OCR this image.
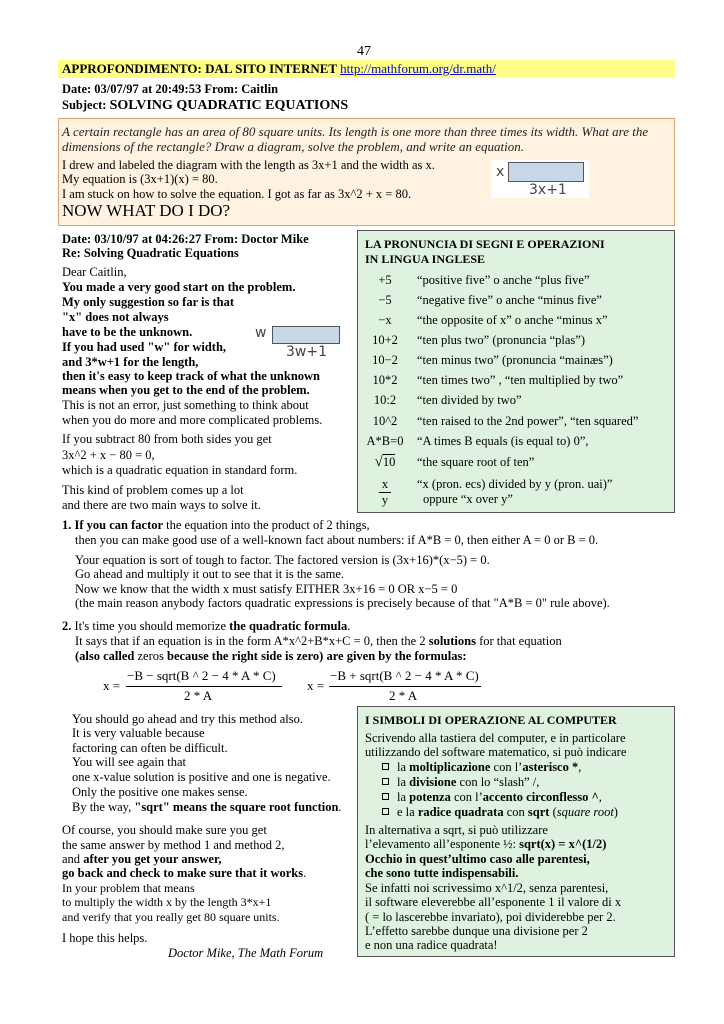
47
APPROFONDIMENTO: DAL SITO INTERNET http://mathforum.org/dr.math/
Date: 03/07/97 at 20:49:53 From: Caitlin
Subject: SOLVING QUADRATIC EQUATIONS
A certain rectangle has an area of 80 square units. Its length is one more than three times its width. What are the dimensions of the rectangle? Draw a diagram, solve the problem, and write an equation.
I drew and labeled the diagram with the length as 3x+1 and the width as x.
My equation is (3x+1)(x) = 80.
I am stuck on how to solve the equation. I got as far as 3x^2 + x = 80.
NOW WHAT DO I DO?
x
3x+1
Date: 03/10/97 at 04:26:27 From: Doctor Mike
Re: Solving Quadratic Equations
Dear Caitlin,
You made a very good start on the problem.
My only suggestion so far is that
"x" does not always
have to be the unknown.
If you had used "w" for width,
and 3*w+1 for the length,
then it's easy to keep track of what the unknown
means when you get to the end of the problem.
This is not an error, just something to think about
when you do more and more complicated problems.
If you subtract 80 from both sides you get
3x^2 + x − 80 = 0,
which is a quadratic equation in standard form.
This kind of problem comes up a lot
and there are two main ways to solve it.
w
3w+1
LA PRONUNCIA DI SEGNI E OPERAZIONI
IN LINGUA INGLESE
+5	“positive five” o anche “plus five”
−5	“negative five” o anche “minus five”
−x	“the opposite of x” o anche “minus x”
10+2	“ten plus two” (pronuncia “plas”)
10−2	“ten minus two” (pronuncia “mainæs”)
10*2	“ten times two” , “ten multiplied by two”
10:2	“ten divided by two”
10^2	“ten raised to the 2nd power”, “ten squared”
A*B=0	“A times B equals (is equal to) 0”,
√10	“the square root of ten”
x
y
“x (pron. ecs) divided by y (pron. uai)”
oppure “x over y”
1. If you can factor the equation into the product of 2 things,
then you can make good use of a well-known fact about numbers: if A*B = 0, then either A = 0 or B = 0.
Your equation is sort of tough to factor. The factored version is (3x+16)*(x−5) = 0.
Go ahead and multiply it out to see that it is the same.
Now we know that the width x must satisfy EITHER 3x+16 = 0 OR x−5 = 0
(the main reason anybody factors quadratic expressions is precisely because of that "A*B = 0" rule above).
2. It's time you should memorize the quadratic formula.
It says that if an equation is in the form A*x^2+B*x+C = 0, then the 2 solutions for that equation
(also called zeros because the right side is zero) are given by the formulas:
x =
−B − sqrt(B ^ 2 − 4 * A * C)
2 * A
x =
−B + sqrt(B ^ 2 − 4 * A * C)
2 * A
You should go ahead and try this method also.
It is very valuable because
factoring can often be difficult.
You will see again that
one x-value solution is positive and one is negative.
Only the positive one makes sense.
By the way, "sqrt" means the square root function.
Of course, you should make sure you get
the same answer by method 1 and method 2,
and after you get your answer,
go back and check to make sure that it works.
In your problem that means
to multiply the width x by the length 3*x+1
and verify that you really get 80 square units.
I hope this helps.
Doctor Mike, The Math Forum
I SIMBOLI DI OPERAZIONE AL COMPUTER
Scrivendo alla tastiera del computer, e in particolare
utilizzando del software matematico, si può indicare
la moltiplicazione con l’asterisco *,
la divisione con lo “slash” /,
la potenza con l’accento circonflesso ^,
e la radice quadrata con sqrt (square root)
In alternativa a sqrt, si può utilizzare
l’elevamento all’esponente ½: sqrt(x) = x^(1/2)
Occhio in quest’ultimo caso alle parentesi,
che sono tutte indispensabili.
Se infatti noi scrivessimo x^1/2, senza parentesi,
il software eleverebbe all’esponente 1 il valore di x
( = lo lascerebbe invariato), poi dividerebbe per 2.
L’effetto sarebbe dunque una divisione per 2
e non una radice quadrata!
